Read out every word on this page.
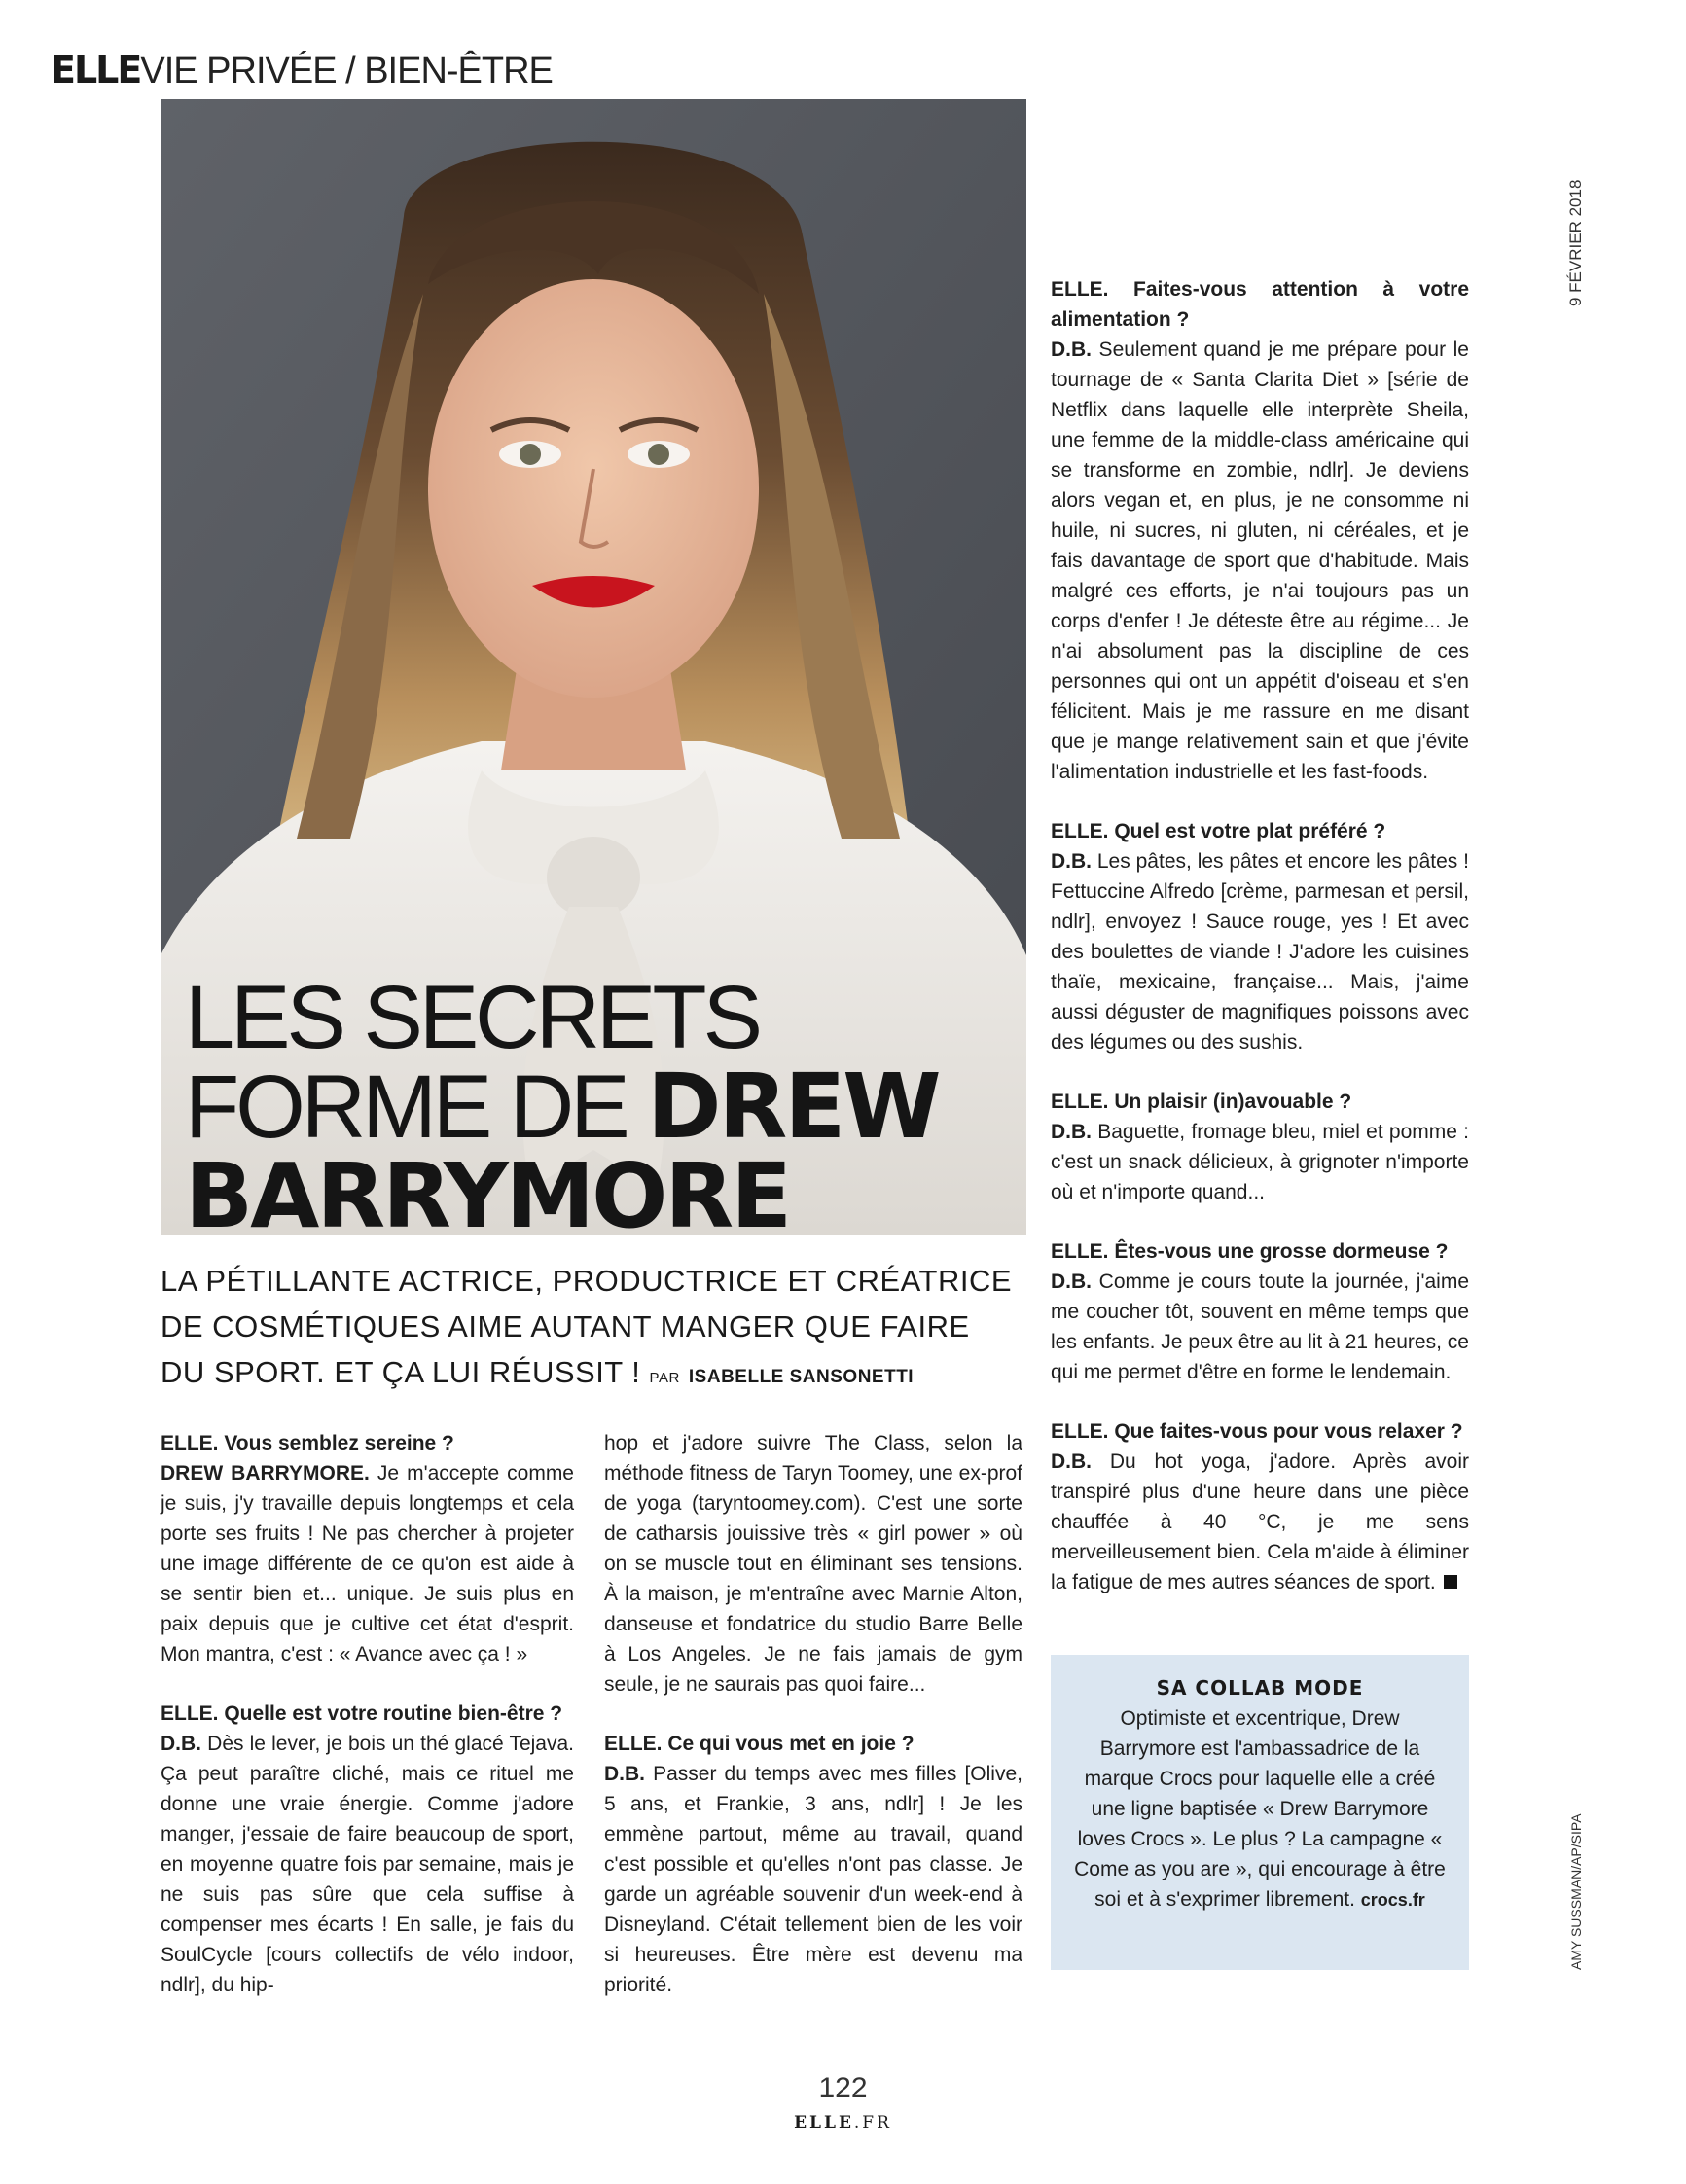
ELLEVIE PRIVÉE / BIEN-ÊTRE
9 FÉVRIER 2018
AMY SUSSMAN/AP/SIPA
LES SECRETS
FORME DE DREW
BARRYMORE
LA PÉTILLANTE ACTRICE, PRODUCTRICE ET CRÉATRICE DE COSMÉTIQUES AIME AUTANT MANGER QUE FAIRE DU SPORT. ET ÇA LUI RÉUSSIT ! PAR ISABELLE SANSONETTI

ELLE. Vous semblez sereine ?
DREW BARRYMORE. Je m'accepte comme je suis, j'y travaille depuis longtemps et cela porte ses fruits ! Ne pas chercher à projeter une image différente de ce qu'on est aide à se sentir bien et... unique. Je suis plus en paix depuis que je cultive cet état d'esprit. Mon mantra, c'est : « Avance avec ça ! »

ELLE. Quelle est votre routine bien-être ?
D.B. Dès le lever, je bois un thé glacé Tejava. Ça peut paraître cliché, mais ce rituel me donne une vraie énergie. Comme j'adore manger, j'essaie de faire beaucoup de sport, en moyenne quatre fois par semaine, mais je ne suis pas sûre que cela suffise à compenser mes écarts ! En salle, je fais du SoulCycle [cours collectifs de vélo indoor, ndlr], du hip-

hop et j'adore suivre The Class, selon la méthode fitness de Taryn Toomey, une ex-prof de yoga (taryntoomey.com). C'est une sorte de catharsis jouissive très « girl power » où on se muscle tout en éliminant ses tensions. À la maison, je m'entraîne avec Marnie Alton, danseuse et fondatrice du studio Barre Belle à Los Angeles. Je ne fais jamais de gym seule, je ne saurais pas quoi faire...

ELLE. Ce qui vous met en joie ?
D.B. Passer du temps avec mes filles [Olive, 5 ans, et Frankie, 3 ans, ndlr] ! Je les emmène partout, même au travail, quand c'est possible et qu'elles n'ont pas classe. Je garde un agréable souvenir d'un week-end à Disneyland. C'était tellement bien de les voir si heureuses. Être mère est devenu ma priorité.

ELLE. Faites-vous attention à votre alimentation ?
D.B. Seulement quand je me prépare pour le tournage de « Santa Clarita Diet » [série de Netflix dans laquelle elle interprète Sheila, une femme de la middle-class américaine qui se transforme en zombie, ndlr]. Je deviens alors vegan et, en plus, je ne consomme ni huile, ni sucres, ni gluten, ni céréales, et je fais davantage de sport que d'habitude. Mais malgré ces efforts, je n'ai toujours pas un corps d'enfer ! Je déteste être au régime... Je n'ai absolument pas la discipline de ces personnes qui ont un appétit d'oiseau et s'en félicitent. Mais je me rassure en me disant que je mange relativement sain et que j'évite l'alimentation industrielle et les fast-foods.

ELLE. Quel est votre plat préféré ?
D.B. Les pâtes, les pâtes et encore les pâtes ! Fettuccine Alfredo [crème, parmesan et persil, ndlr], envoyez ! Sauce rouge, yes ! Et avec des boulettes de viande ! J'adore les cuisines thaïe, mexicaine, française... Mais, j'aime aussi déguster de magnifiques poissons avec des légumes ou des sushis.

ELLE. Un plaisir (in)avouable ?
D.B. Baguette, fromage bleu, miel et pomme : c'est un snack délicieux, à grignoter n'importe où et n'importe quand...

ELLE. Êtes-vous une grosse dormeuse ?
D.B. Comme je cours toute la journée, j'aime me coucher tôt, souvent en même temps que les enfants. Je peux être au lit à 21 heures, ce qui me permet d'être en forme le lendemain.

ELLE. Que faites-vous pour vous relaxer ?
D.B. Du hot yoga, j'adore. Après avoir transpiré plus d'une heure dans une pièce chauffée à 40 °C, je me sens merveilleusement bien. Cela m'aide à éliminer la fatigue de mes autres séances de sport.

SA COLLAB MODE
Optimiste et excentrique, Drew Barrymore est l'ambassadrice de la marque Crocs pour laquelle elle a créé une ligne baptisée « Drew Barrymore loves Crocs ». Le plus ? La campagne « Come as you are », qui encourage à être soi et à s'exprimer librement. crocs.fr
122
ELLE.FR
